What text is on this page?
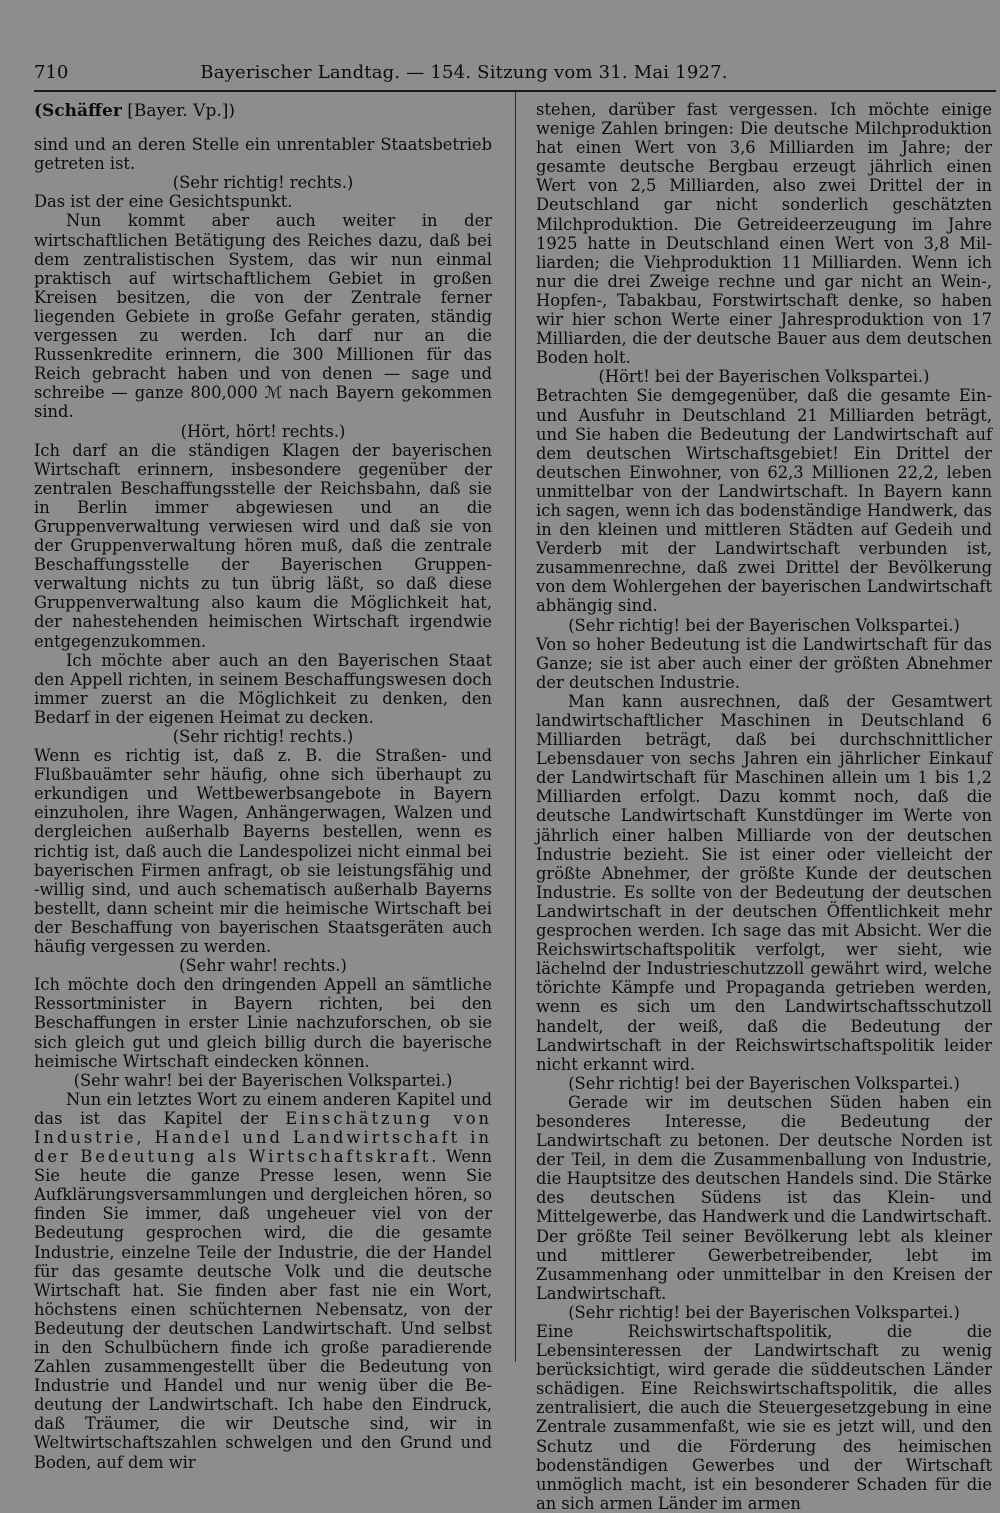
710	Bayerischer Landtag. — 154. Sitzung vom 31. Mai 1927.
(Schäffer [Bayer. Vp.])

sind und an deren Stelle ein unrentabler Staatsbetrieb getreten ist.

(Sehr richtig! rechts.)

Das ist der eine Gesichtspunkt.

Nun kommt aber auch weiter in der wirtschaftlichen Betätigung des Reiches dazu, daß bei dem zentralistischen System, das wir nun einmal praktisch auf wirtschaftlichem Gebiet in großen Kreisen besitzen, die von der Zentrale ferner liegenden Gebiete in große Gefahr geraten, ständig vergessen zu werden. Ich darf nur an die Russenkredite erinnern, die 300 Millionen für das Reich gebracht haben und von denen — sage und schreibe — ganze 800,000 ℳ nach Bayern gekommen sind.

(Hört, hört! rechts.)

Ich darf an die ständigen Klagen der bayerischen Wirtschaft erinnern, insbesondere gegenüber der zentralen Beschaffungsstelle der Reichsbahn, daß sie in Berlin immer abgewiesen und an die Gruppenverwaltung verwiesen wird und daß sie von der Gruppenverwaltung hören muß, daß die zentrale Beschaffungsstelle der Bayerischen Gruppenverwaltung nichts zu tun übrig läßt, so daß diese Gruppenverwaltung also kaum die Möglichkeit hat, der nahestehenden heimischen Wirtschaft irgendwie entgegenzukommen.

Ich möchte aber auch an den Bayerischen Staat den Appell richten, in seinem Beschaffungswesen doch immer zuerst an die Möglichkeit zu denken, den Bedarf in der eigenen Heimat zu decken.

(Sehr richtig! rechts.)

Wenn es richtig ist, daß z. B. die Straßen- und Flußbauämter sehr häufig, ohne sich überhaupt zu erkundigen und Wettbewerbsangebote in Bayern einzuholen, ihre Wagen, Anhängerwagen, Walzen und dergleichen außerhalb Bayerns bestellen, wenn es richtig ist, daß auch die Landespolizei nicht einmal bei bayerischen Firmen anfragt, ob sie leistungsfähig und -willig sind, und auch schematisch außerhalb Bayerns bestellt, dann scheint mir die heimische Wirtschaft bei der Beschaffung von bayerischen Staatsgeräten auch häufig vergessen zu werden.

(Sehr wahr! rechts.)

Ich möchte doch den dringenden Appell an sämtliche Ressortminister in Bayern richten, bei den Beschaffungen in erster Linie nachzuforschen, ob sie sich gleich gut und gleich billig durch die bayerische heimische Wirtschaft eindecken können.

(Sehr wahr! bei der Bayerischen Volkspartei.)

Nun ein letztes Wort zu einem anderen Kapitel und das ist das Kapitel der Einschätzung von Industrie, Handel und Landwirtschaft in der Bedeutung als Wirtschaftskraft. Wenn Sie heute die ganze Presse lesen, wenn Sie Aufklärungsversammlungen und dergleichen hören, so finden Sie immer, daß ungeheuer viel von der Bedeutung gesprochen wird, die die gesamte Industrie, einzelne Teile der Industrie, die der Handel für das gesamte deutsche Volk und die deutsche Wirtschaft hat. Sie finden aber fast nie ein Wort, höchstens einen schüchternen Nebensatz, von der Bedeutung der deutschen Landwirtschaft. Und selbst in den Schulbüchern finde ich große paradierende Zahlen zusammengestellt über die Bedeutung von Industrie und Handel und nur wenig über die Bedeutung der Landwirtschaft. Ich habe den Eindruck, daß Träumer, die wir Deutsche sind, wir in Weltwirtschaftszahlen schwelgen und den Grund und Boden, auf dem wir

stehen, darüber fast vergessen. Ich möchte einige wenige Zahlen bringen: Die deutsche Milchproduktion hat einen Wert von 3,6 Milliarden im Jahre; der gesamte deutsche Bergbau erzeugt jährlich einen Wert von 2,5 Milliarden, also zwei Drittel der in Deutschland gar nicht sonderlich geschätzten Milchproduktion. Die Getreideerzeugung im Jahre 1925 hatte in Deutschland einen Wert von 3,8 Milliarden; die Viehproduktion 11 Milliarden. Wenn ich nur die drei Zweige rechne und gar nicht an Wein-, Hopfen-, Tabakbau, Forstwirtschaft denke, so haben wir hier schon Werte einer Jahresproduktion von 17 Milliarden, die der deutsche Bauer aus dem deutschen Boden holt.

(Hört! bei der Bayerischen Volkspartei.)

Betrachten Sie demgegenüber, daß die gesamte Ein- und Ausfuhr in Deutschland 21 Milliarden beträgt, und Sie haben die Bedeutung der Landwirtschaft auf dem deutschen Wirtschaftsgebiet! Ein Drittel der deutschen Einwohner, von 62,3 Millionen 22,2, leben unmittelbar von der Landwirtschaft. In Bayern kann ich sagen, wenn ich das bodenständige Handwerk, das in den kleinen und mittleren Städten auf Gedeih und Verderb mit der Landwirtschaft verbunden ist, zusammenrechne, daß zwei Drittel der Bevölkerung von dem Wohlergehen der bayerischen Landwirtschaft abhängig sind.

(Sehr richtig! bei der Bayerischen Volkspartei.)

Von so hoher Bedeutung ist die Landwirtschaft für das Ganze; sie ist aber auch einer der größten Abnehmer der deutschen Industrie.

Man kann ausrechnen, daß der Gesamtwert landwirtschaftlicher Maschinen in Deutschland 6 Milliarden beträgt, daß bei durchschnittlicher Lebensdauer von sechs Jahren ein jährlicher Einkauf der Landwirtschaft für Maschinen allein um 1 bis 1,2 Milliarden erfolgt. Dazu kommt noch, daß die deutsche Landwirtschaft Kunstdünger im Werte von jährlich einer halben Milliarde von der deutschen Industrie bezieht. Sie ist einer oder vielleicht der größte Abnehmer, der größte Kunde der deutschen Industrie. Es sollte von der Bedeutung der deutschen Landwirtschaft in der deutschen Öffentlichkeit mehr gesprochen werden. Ich sage das mit Absicht. Wer die Reichswirtschaftspolitik verfolgt, wer sieht, wie lächelnd der Industrieschutzzoll gewährt wird, welche törichte Kämpfe und Propaganda getrieben werden, wenn es sich um den Landwirtschaftsschutzoll handelt, der weiß, daß die Bedeutung der Landwirtschaft in der Reichswirtschaftspolitik leider nicht erkannt wird.

(Sehr richtig! bei der Bayerischen Volkspartei.)

Gerade wir im deutschen Süden haben ein besonderes Interesse, die Bedeutung der Landwirtschaft zu betonen. Der deutsche Norden ist der Teil, in dem die Zusammenballung von Industrie, die Hauptsitze des deutschen Handels sind. Die Stärke des deutschen Südens ist das Klein- und Mittelgewerbe, das Handwerk und die Landwirtschaft. Der größte Teil seiner Bevölkerung lebt als kleiner und mittlerer Gewerbetreibender, lebt im Zusammenhang oder unmittelbar in den Kreisen der Landwirtschaft.

(Sehr richtig! bei der Bayerischen Volkspartei.)

Eine Reichswirtschaftspolitik, die die Lebensinteressen der Landwirtschaft zu wenig berücksichtigt, wird gerade die süddeutschen Länder schädigen. Eine Reichswirtschaftspolitik, die alles zentralisiert, die auch die Steuergesetzgebung in eine Zentrale zusammenfaßt, wie sie es jetzt will, und den Schutz und die Förderung des heimischen bodenständigen Gewerbes und der Wirtschaft unmöglich macht, ist ein besonderer Schaden für die an sich armen Länder im armen
